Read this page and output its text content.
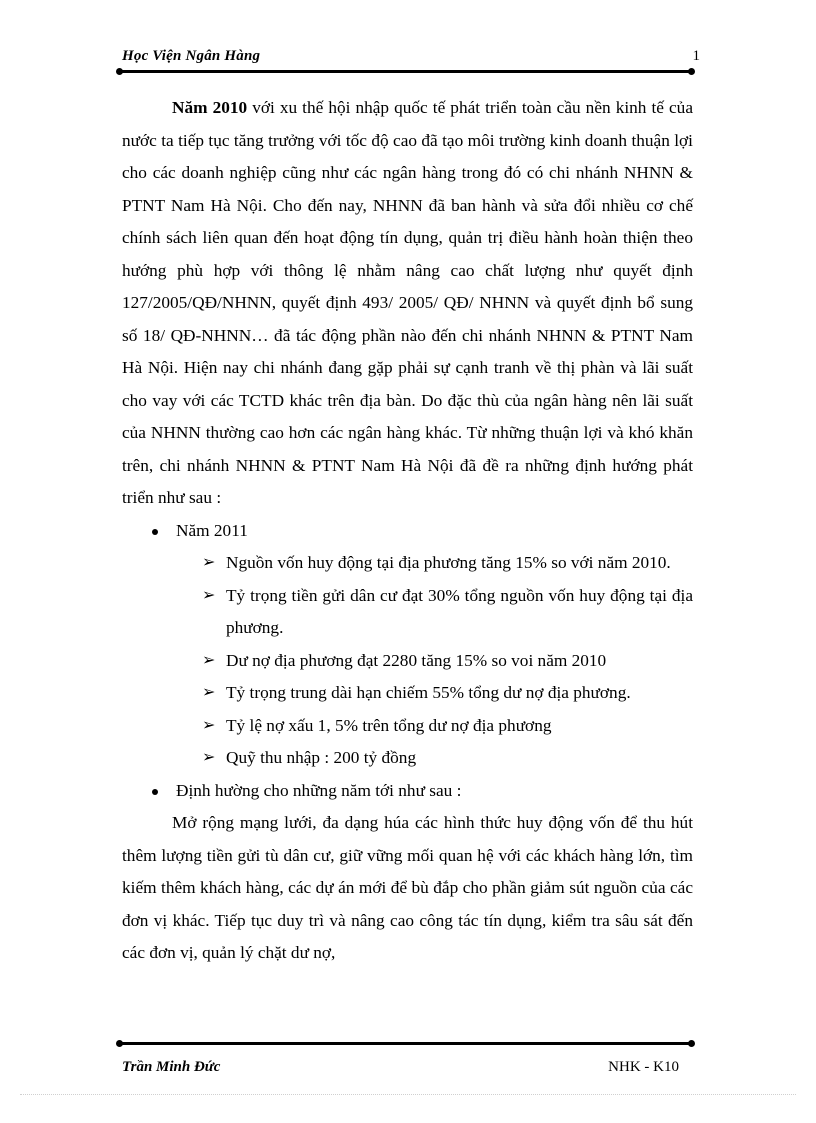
Học Viện Ngân Hàng	1

Năm 2010 với xu thế hội nhập quốc tế phát triển toàn cầu nền kinh tế của nước ta tiếp tục tăng trưởng với tốc độ cao đã tạo môi trường kinh doanh thuận lợi cho các doanh nghiệp cũng như các ngân hàng trong đó có chi nhánh NHNN & PTNT Nam Hà Nội. Cho đến nay, NHNN đã ban hành và sửa đổi nhiều cơ chế chính sách liên quan đến hoạt động tín dụng, quản trị điều hành hoàn thiện theo hướng phù hợp với thông lệ nhằm nâng cao chất lượng như quyết định 127/2005/QĐ/NHNN, quyết định 493/ 2005/ QĐ/ NHNN và quyết định bổ sung số 18/ QĐ-NHNN… đã tác động phần nào đến chi nhánh NHNN & PTNT Nam Hà Nội. Hiện nay chi nhánh đang gặp phải sự cạnh tranh về thị phàn và lãi suất cho vay với các TCTD khác trên địa bàn. Do đặc thù của ngân hàng nên lãi suất của NHNN thường cao hơn các ngân hàng khác. Từ những thuận lợi và khó khăn trên, chi nhánh NHNN & PTNT Nam Hà Nội đã đề ra những định hướng phát triển như sau :

Năm 2011

➢ Nguồn vốn huy động tại địa phương tăng 15% so với năm 2010.

➢ Tỷ trọng tiền gửi dân cư đạt 30% tổng nguồn vốn huy động tại địa phương.

➢ Dư nợ địa phương đạt 2280 tăng 15% so voi năm 2010

➢ Tỷ trọng trung dài hạn chiếm 55% tổng dư nợ địa phương.

➢ Tỷ lệ nợ xấu 1, 5% trên tổng dư nợ địa phương

➢ Quỹ thu nhập : 200 tỷ đồng

Định hường cho những năm tới như sau :

Mở rộng mạng lưới, đa dạng húa các hình thức huy động vốn để thu hút thêm lượng tiền gửi tù dân cư, giữ vững mối quan hệ với các khách hàng lớn, tìm kiếm thêm khách hàng, các dự án mới để bù đắp cho phần giảm sút nguồn của các đơn vị khác. Tiếp tục duy trì và nâng cao công tác tín dụng, kiểm tra sâu sát đến các đơn vị, quản lý chặt dư nợ,

Trần Minh Đức	NHK - K10
